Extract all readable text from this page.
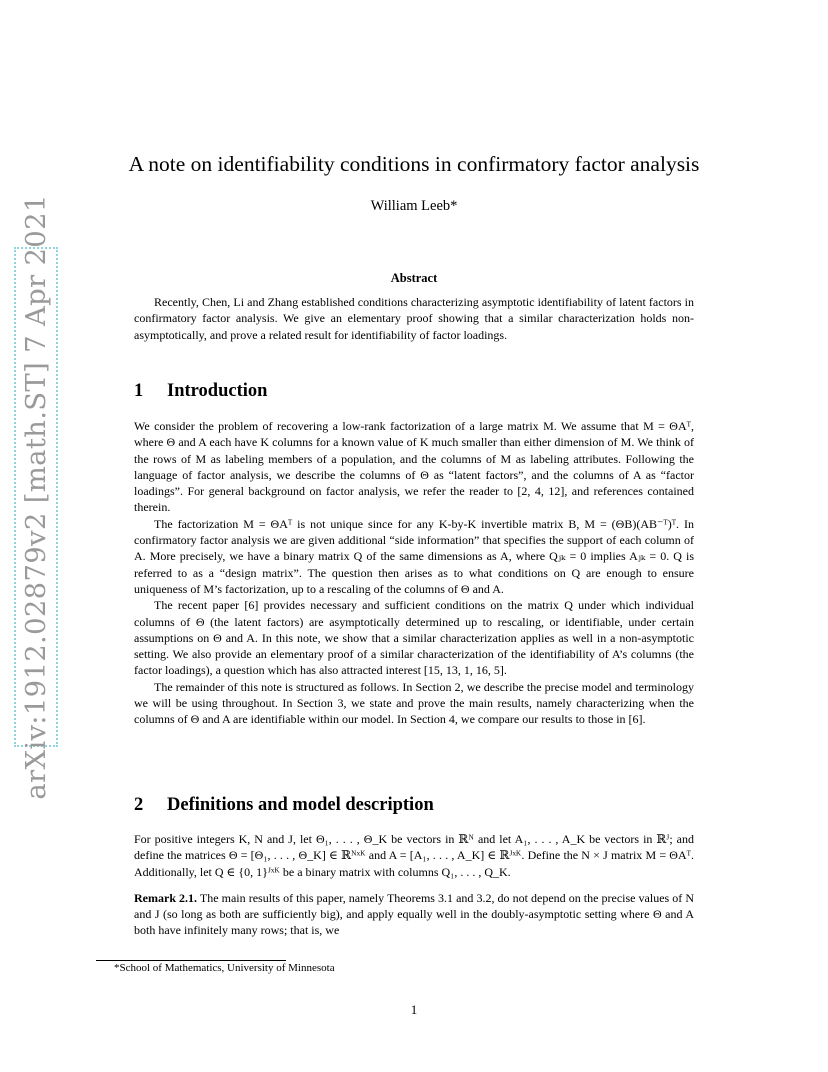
arXiv:1912.02879v2 [math.ST] 7 Apr 2021
A note on identifiability conditions in confirmatory factor analysis
William Leeb*
Abstract
Recently, Chen, Li and Zhang established conditions characterizing asymptotic identifiability of latent factors in confirmatory factor analysis. We give an elementary proof showing that a similar characterization holds non-asymptotically, and prove a related result for identifiability of factor loadings.
1 Introduction

We consider the problem of recovering a low-rank factorization of a large matrix M. We assume that M = ΘAᵀ, where Θ and A each have K columns for a known value of K much smaller than either dimension of M. We think of the rows of M as labeling members of a population, and the columns of M as labeling attributes. Following the language of factor analysis, we describe the columns of Θ as “latent factors”, and the columns of A as “factor loadings”. For general background on factor analysis, we refer the reader to [2, 4, 12], and references contained therein.

The factorization M = ΘAᵀ is not unique since for any K-by-K invertible matrix B, M = (ΘB)(AB⁻ᵀ)ᵀ. In confirmatory factor analysis we are given additional “side information” that specifies the support of each column of A. More precisely, we have a binary matrix Q of the same dimensions as A, where Qⱼₖ = 0 implies Aⱼₖ = 0. Q is referred to as a “design matrix”. The question then arises as to what conditions on Q are enough to ensure uniqueness of M’s factorization, up to a rescaling of the columns of Θ and A.

The recent paper [6] provides necessary and sufficient conditions on the matrix Q under which individual columns of Θ (the latent factors) are asymptotically determined up to rescaling, or identifiable, under certain assumptions on Θ and A. In this note, we show that a similar characterization applies as well in a non-asymptotic setting. We also provide an elementary proof of a similar characterization of the identifiability of A’s columns (the factor loadings), a question which has also attracted interest [15, 13, 1, 16, 5].

The remainder of this note is structured as follows. In Section 2, we describe the precise model and terminology we will be using throughout. In Section 3, we state and prove the main results, namely characterizing when the columns of Θ and A are identifiable within our model. In Section 4, we compare our results to those in [6].

2 Definitions and model description

For positive integers K, N and J, let Θ₁, . . . , Θ_K be vectors in ℝᴺ and let A₁, . . . , A_K be vectors in ℝᴶ; and define the matrices Θ = [Θ₁, . . . , Θ_K] ∈ ℝᴺˣᴷ and A = [A₁, . . . , A_K] ∈ ℝᴶˣᴷ. Define the N × J matrix M = ΘAᵀ. Additionally, let Q ∈ {0, 1}ᴶˣᴷ be a binary matrix with columns Q₁, . . . , Q_K.

Remark 2.1. The main results of this paper, namely Theorems 3.1 and 3.2, do not depend on the precise values of N and J (so long as both are sufficiently big), and apply equally well in the doubly-asymptotic setting where Θ and A both have infinitely many rows; that is, we

*School of Mathematics, University of Minnesota
1
